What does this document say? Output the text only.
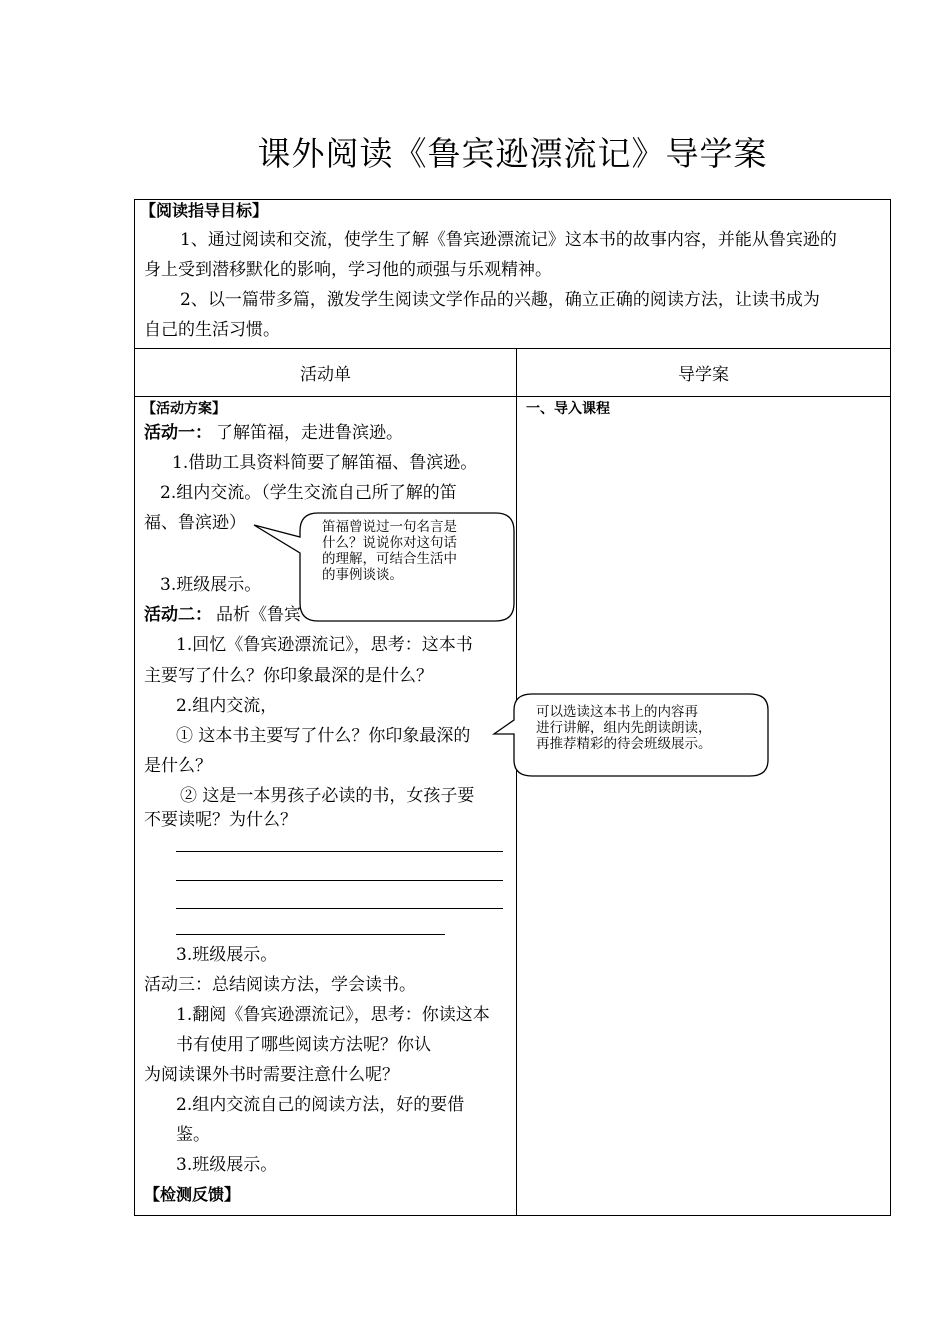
课外阅读《鲁宾逊漂流记》导学案
【阅读指导目标】
1、通过阅读和交流，使学生了解《鲁宾逊漂流记》这本书的故事内容，并能从鲁宾逊的
身上受到潜移默化的影响，学习他的顽强与乐观精神。
2、以一篇带多篇，激发学生阅读文学作品的兴趣，确立正确的阅读方法，让读书成为
自己的生活习惯。
活动单	导学案
【活动方案】
活动一： 了解笛福，走进鲁滨逊。
1.借助工具资料简要了解笛福、鲁滨逊。
2.组内交流。（学生交流自己所了解的笛
福、鲁滨逊）
3.班级展示。
活动二： 品析《鲁宾
1.回忆《鲁宾逊漂流记》，思考：这本书
主要写了什么？你印象最深的是什么？
2.组内交流，
① 这本书主要写了什么？你印象最深的
是什么？
② 这是一本男孩子必读的书，女孩子要
不要读呢？为什么？
3.班级展示。
活动三：总结阅读方法，学会读书。
1.翻阅《鲁宾逊漂流记》，思考：你读这本
书有使用了哪些阅读方法呢？你认
为阅读课外书时需要注意什么呢？
2.组内交流自己的阅读方法，好的要借
鉴。
3.班级展示。
【检测反馈】
一、导入课程
笛福曾说过一句名言是
什么？说说你对这句话
的理解，可结合生活中
的事例谈谈。
可以选读这本书上的内容再
进行讲解，组内先朗读朗读，
再推荐精彩的待会班级展示。
